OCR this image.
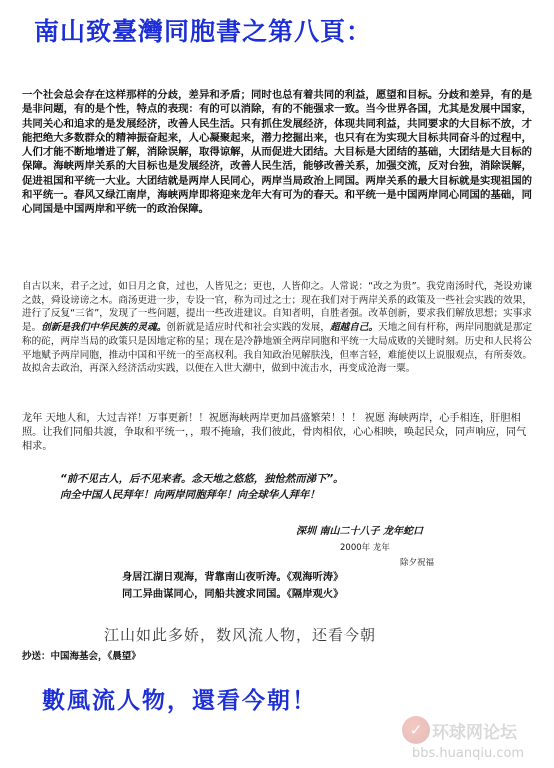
南山致臺灣同胞書之第八頁：
一个社会总会存在这样那样的分歧，差异和矛盾；同时也总有着共同的利益，愿望和目标。分歧和差异，有的是是非问题，有的是个性，特点的表现：有的可以消除，有的不能强求一致。当今世界各国，尤其是发展中国家，共同关心和追求的是发展经济，改善人民生活。只有抓住发展经济，体现共同利益，共同要求的大目标不放，才能把绝大多数群众的精神振奋起来，人心凝聚起来，潜力挖掘出来，也只有在为实现大目标共同奋斗的过程中，人们才能不断地增进了解，消除误解，取得谅解，从而促进大团结。大目标是大团结的基础，大团结是大目标的保障。海峡两岸关系的大目标也是发展经济，改善人民生活，能够改善关系，加强交流，反对台独，消除误解，促进祖国和平统一大业。大团结就是两岸人民同心，两岸当局政治上同国。两岸关系的最大目标就是实现祖国的和平统一。春风又绿江南岸，海峡两岸即将迎来龙年大有可为的春天。和平统一是中国两岸同心同国的基础，同心同国是中国两岸和平统一的政治保障。
自古以来，君子之过，如日月之食，过也，人皆见之；更也，人皆仰之。人常说：“改之为贵”。我党南汤时代，尧设劝谏之鼓，舜设谤谤之木。商汤更进一步，专设一官，称为司过之士；现在我们对于两岸关系的政策及一些社会实践的效果，进行了反复“三省”，发现了一些问题，提出一些改进建议。自知者明，自胜者强。改革创新，要求我们解放思想；实事求是。创新是我们中华民族的灵魂。创新就是适应时代和社会实践的发展，超越自己。天地之间有杆称，两岸同胞就是那定称的砣，两岸当局的政策只是因地定称的星；现在是冷静地颁全两岸同胞和平统一大局成败的关键时刻。历史和人民将公平地赋予两岸同胞，推动中国和平统一的至高权利。我自知政治见解肤浅，但率言轻，难能使以上说服观点，有所奏效。故拟舍去政治，再深入经济活动实践，以便在入世大潮中，做到中流击水，再变成沧海一粟。
龙年 天地人和，大过吉祥！万事更新！！祝愿海峡两岸更加昌盛繁荣！！！ 祝愿 海峡两岸，心手相连，肝胆相照。让我们同船共渡，争取和平统一，，瑕不掩瑜，我们彼此，骨肉相依，心心相映，唤起民众，同声响应，同气相求。
“前不见古人，后不见来者。念天地之悠悠，独怆然而涕下”。
向全中国人民拜年！向两岸同胞拜年！向全球华人拜年！
深圳 南山二十八子 龙年蛇口
2000年 龙年
除夕祝福
身居江湖日观海，背靠南山夜听涛。《观海听涛》
同工异曲谋同心，同船共渡求同国。《隔岸观火》
江山如此多娇，数风流人物，还看今朝
抄送：中国海基会，《晨望》
數風流人物，還看今朝！
✓ 环球网论坛
bbs.huanqiu.com
